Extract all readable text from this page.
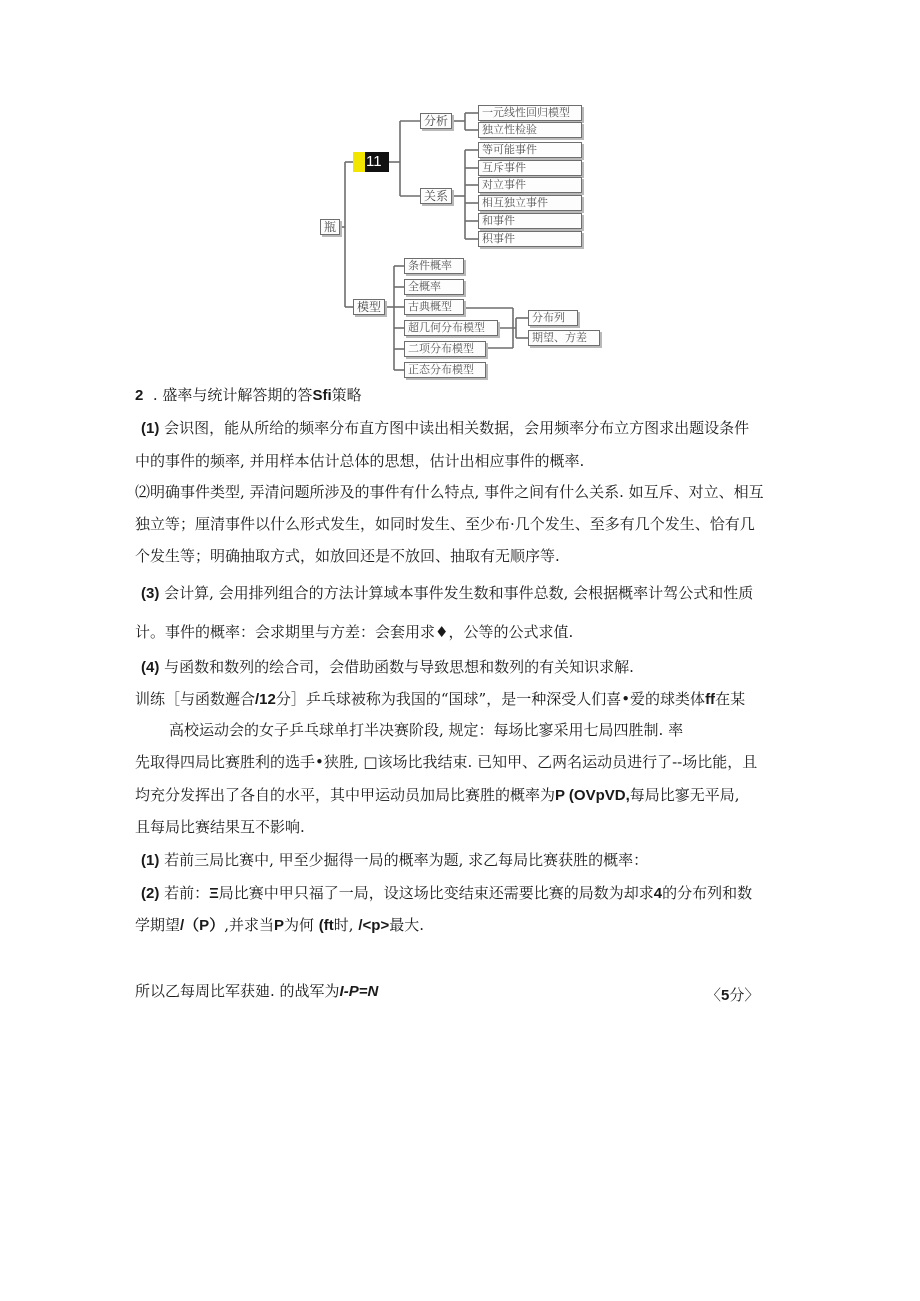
瓶
11
分析
关系
模型
一元线性回归模型
独立性检验
等可能事件
互斥事件
对立事件
相互独立事件
和事件
积事件
条件概率
全概率
古典概型
超几何分布模型
二项分布模型
正态分布模型
分布列
期望、方差
2 . 盛率与统计解答期的答Sfi策略
(1) 会识图，能从所给的频率分布直方图中读出相关数据，会用频率分布立方图求出题设条件
中的事件的频率, 并用样本估计总体的思想，估计出相应事件的概率.
⑵明确事件类型, 弄清问题所涉及的事件有什么特点, 事件之间有什么关系. 如互斥、对立、相互
独立等；厘清事件以什么形式发生，如同时发生、至少布·几个发生、至多有几个发生、恰有几
个发生等；明确抽取方式，如放回还是不放回、抽取有无顺序等.
(3) 会计算, 会用排列组合的方法计算域本事件发生数和事件总数, 会根据概率计驾公式和性质
计。事件的概率：会求期里与方差：会套用求♦，公等的公式求值.
(4) 与函数和数列的绘合司，会借助函数与导致思想和数列的有关知识求解.
训练［与函数邂合/12分］乒乓球被称为我国的“国球”，是一种深受人们喜•爱的球类体ff在某
高校运动会的女子乒乓球单打半决赛阶段, 规定：每场比寥采用七局四胜制. 率
先取得四局比赛胜利的选手•狭胜, □该场比我结束. 已知甲、乙两名运动员进行了--场比能，且
均充分发挥出了各自的水平，其中甲运动员加局比赛胜的概率为P (OVpVD,每局比寥无平局,
且每局比赛结果互不影响.
(1) 若前三局比赛中, 甲至少掘得一局的概率为题, 求乙每局比赛获胜的概率：
(2) 若前：Ξ局比赛中甲只福了一局，设这场比变结束还需要比赛的局数为却求4的分布列和数
学期望/（P）,并求当P为何 (ft时, /<p>最大.
所以乙每周比军获廸. 的战军为I-P=N	〈5分〉
